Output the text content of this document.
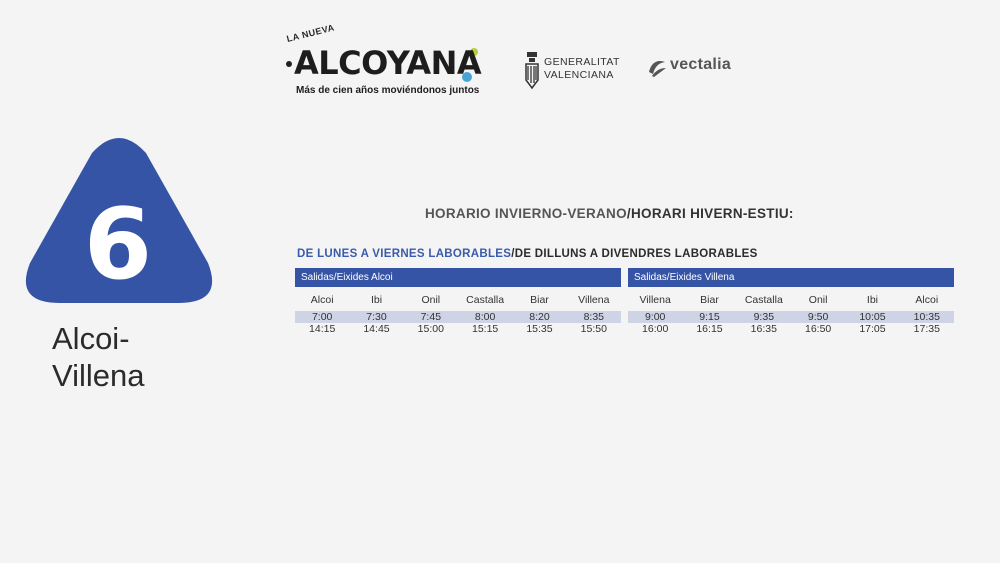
LA NUEVA
ALCOYANA
Más de cien años moviéndonos juntos
GENERALITAT
VALENCIANA
vectalia
6
Alcoi-
Villena
HORARIO INVIERNO-VERANO/HORARI HIVERN-ESTIU:
DE LUNES A VIERNES LABORABLES/DE DILLUNS A DIVENDRES LABORABLES
Salidas/Eixides Alcoi
Alcoi	Ibi	Onil	Castalla	Biar	Villena
7:00	7:30	7:45	8:00	8:20	8:35
14:15	14:45	15:00	15:15	15:35	15:50
Salidas/Eixides Villena
Villena	Biar	Castalla	Onil	Ibi	Alcoi
9:00	9:15	9:35	9:50	10:05	10:35
16:00	16:15	16:35	16:50	17:05	17:35
